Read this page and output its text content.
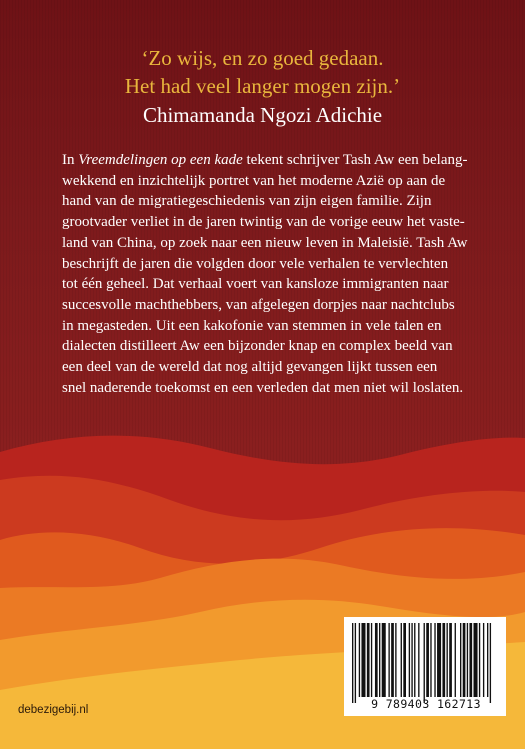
‘Zo wijs, en zo goed gedaan.
Het had veel langer mogen zijn.’
Chimamanda Ngozi Adichie
In Vreemdelingen op een kade tekent schrijver Tash Aw een belang-
wekkend en inzichtelijk portret van het moderne Azië op aan de
hand van de migratiegeschiedenis van zijn eigen familie. Zijn
grootvader verliet in de jaren twintig van de vorige eeuw het vaste-
land van China, op zoek naar een nieuw leven in Maleisië. Tash Aw
beschrijft de jaren die volgden door vele verhalen te vervlechten
tot één geheel. Dat verhaal voert van kansloze immigranten naar
succesvolle machthebbers, van afgelegen dorpjes naar nachtclubs
in megasteden. Uit een kakofonie van stemmen in vele talen en
dialecten distilleert Aw een bijzonder knap en complex beeld van
een deel van de wereld dat nog altijd gevangen lijkt tussen een
snel naderende toekomst en een verleden dat men niet wil loslaten.
9 789403 162713
debezigebij.nl
